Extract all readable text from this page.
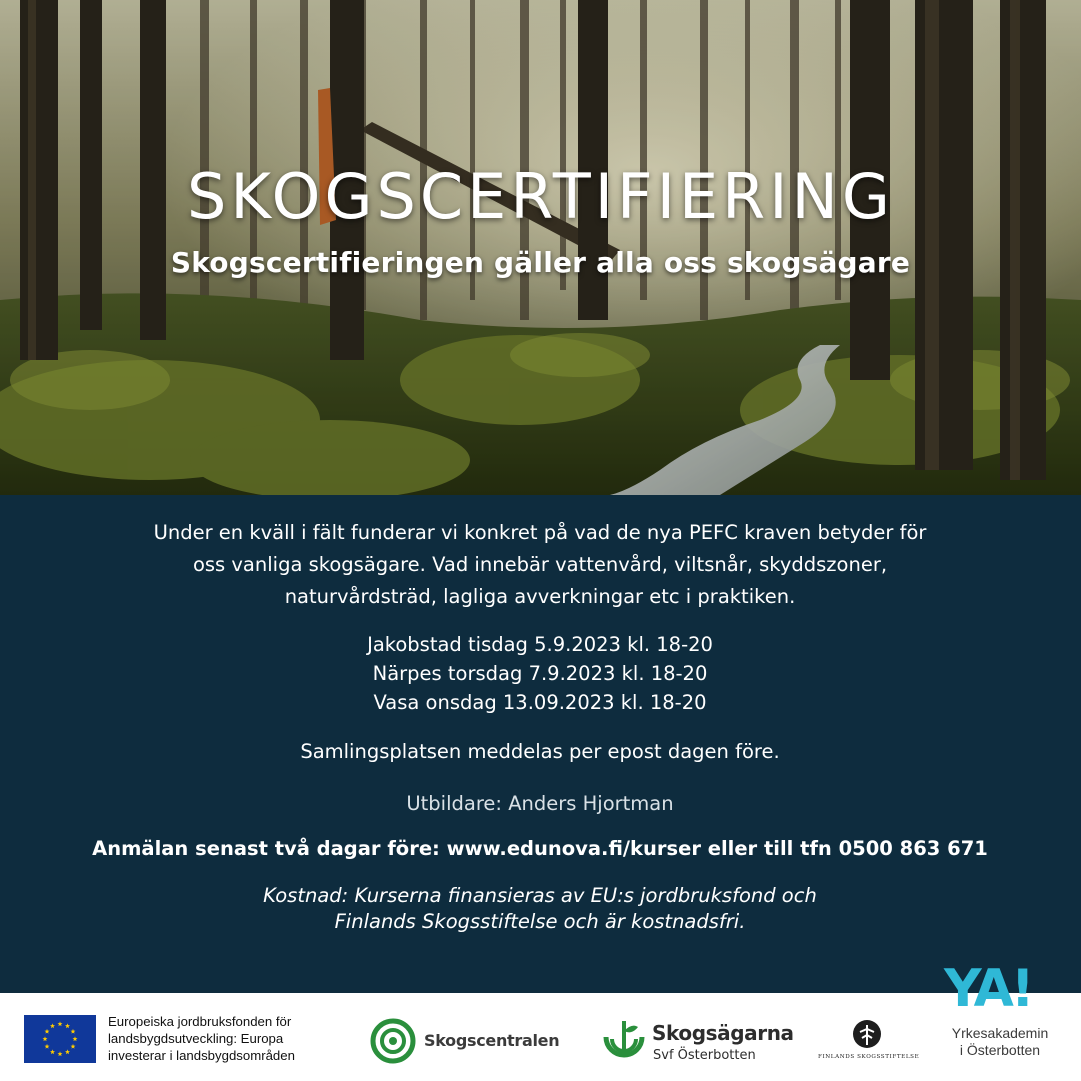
SKOGSCERTIFIERING
Skogscertifieringen gäller alla oss skogsägare
Under en kväll i fält funderar vi konkret på vad de nya PEFC kraven betyder för
oss vanliga skogsägare. Vad innebär vattenvård, viltsnår, skyddszoner,
naturvårdsträd, lagliga avverkningar etc i praktiken.
Jakobstad tisdag 5.9.2023 kl. 18-20
Närpes torsdag 7.9.2023 kl. 18-20
Vasa onsdag 13.09.2023 kl. 18-20
Samlingsplatsen meddelas per epost dagen före.
Utbildare: Anders Hjortman
Anmälan senast två dagar före: www.edunova.fi/kurser eller till tfn 0500 863 671
Kostnad: Kurserna finansieras av EU:s jordbruksfond och
Finlands Skogsstiftelse och är kostnadsfri.
Europeiska jordbruksfonden för
landsbygdsutveckling: Europa
investerar i landsbygdsområden
Skogscentralen	Skogsägarna
Svf Österbotten	FINLANDS SKOGSSTIFTELSE
YA!
Yrkesakademin
i Österbotten
